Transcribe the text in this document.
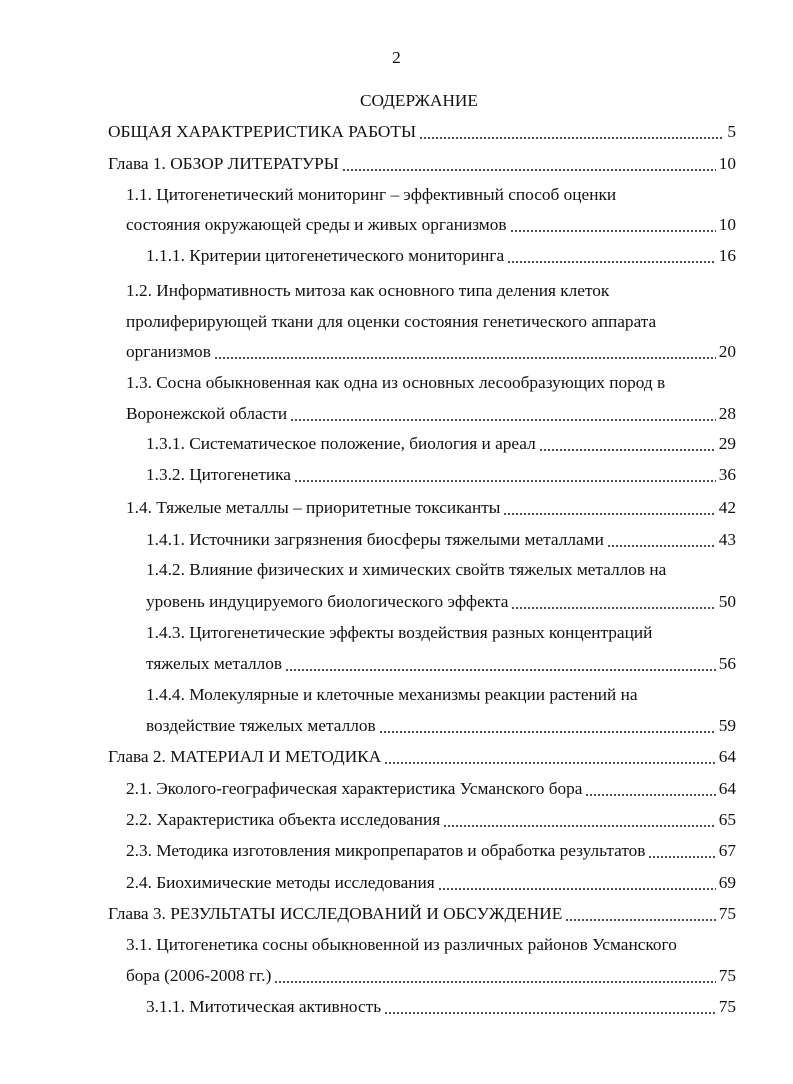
2
СОДЕРЖАНИЕ
ОБЩАЯ ХАРАКТРЕРИСТИКА РАБОТЫ	5
Глава 1. ОБЗОР ЛИТЕРАТУРЫ	10
1.1. Цитогенетический мониторинг – эффективный способ оценки
состояния окружающей среды и живых организмов	10
1.1.1. Критерии цитогенетического мониторинга	16
1.2. Информативность митоза как основного типа деления клеток
пролиферирующей ткани для оценки состояния генетического аппарата
организмов	20
1.3. Сосна обыкновенная как одна из основных лесообразующих пород в
Воронежской области	28
1.3.1. Систематическое положение, биология и ареал	29
1.3.2. Цитогенетика	36
1.4. Тяжелые металлы – приоритетные токсиканты	42
1.4.1. Источники загрязнения биосферы тяжелыми металлами	43
1.4.2. Влияние физических и химических свойтв тяжелых металлов на
уровень индуцируемого биологического эффекта	50
1.4.3. Цитогенетические эффекты воздействия разных концентраций
тяжелых металлов	56
1.4.4. Молекулярные и клеточные механизмы реакции растений на
воздействие тяжелых металлов	59
Глава 2. МАТЕРИАЛ И МЕТОДИКА	64
2.1. Эколого-географическая характеристика Усманского бора	64
2.2. Характеристика объекта исследования	65
2.3. Методика изготовления микропрепаратов и обработка результатов	67
2.4. Биохимические методы исследования	69
Глава 3. РЕЗУЛЬТАТЫ ИССЛЕДОВАНИЙ И ОБСУЖДЕНИЕ	75
3.1. Цитогенетика сосны обыкновенной из различных районов Усманского
бора (2006-2008 гг.)	75
3.1.1. Митотическая активность	75
